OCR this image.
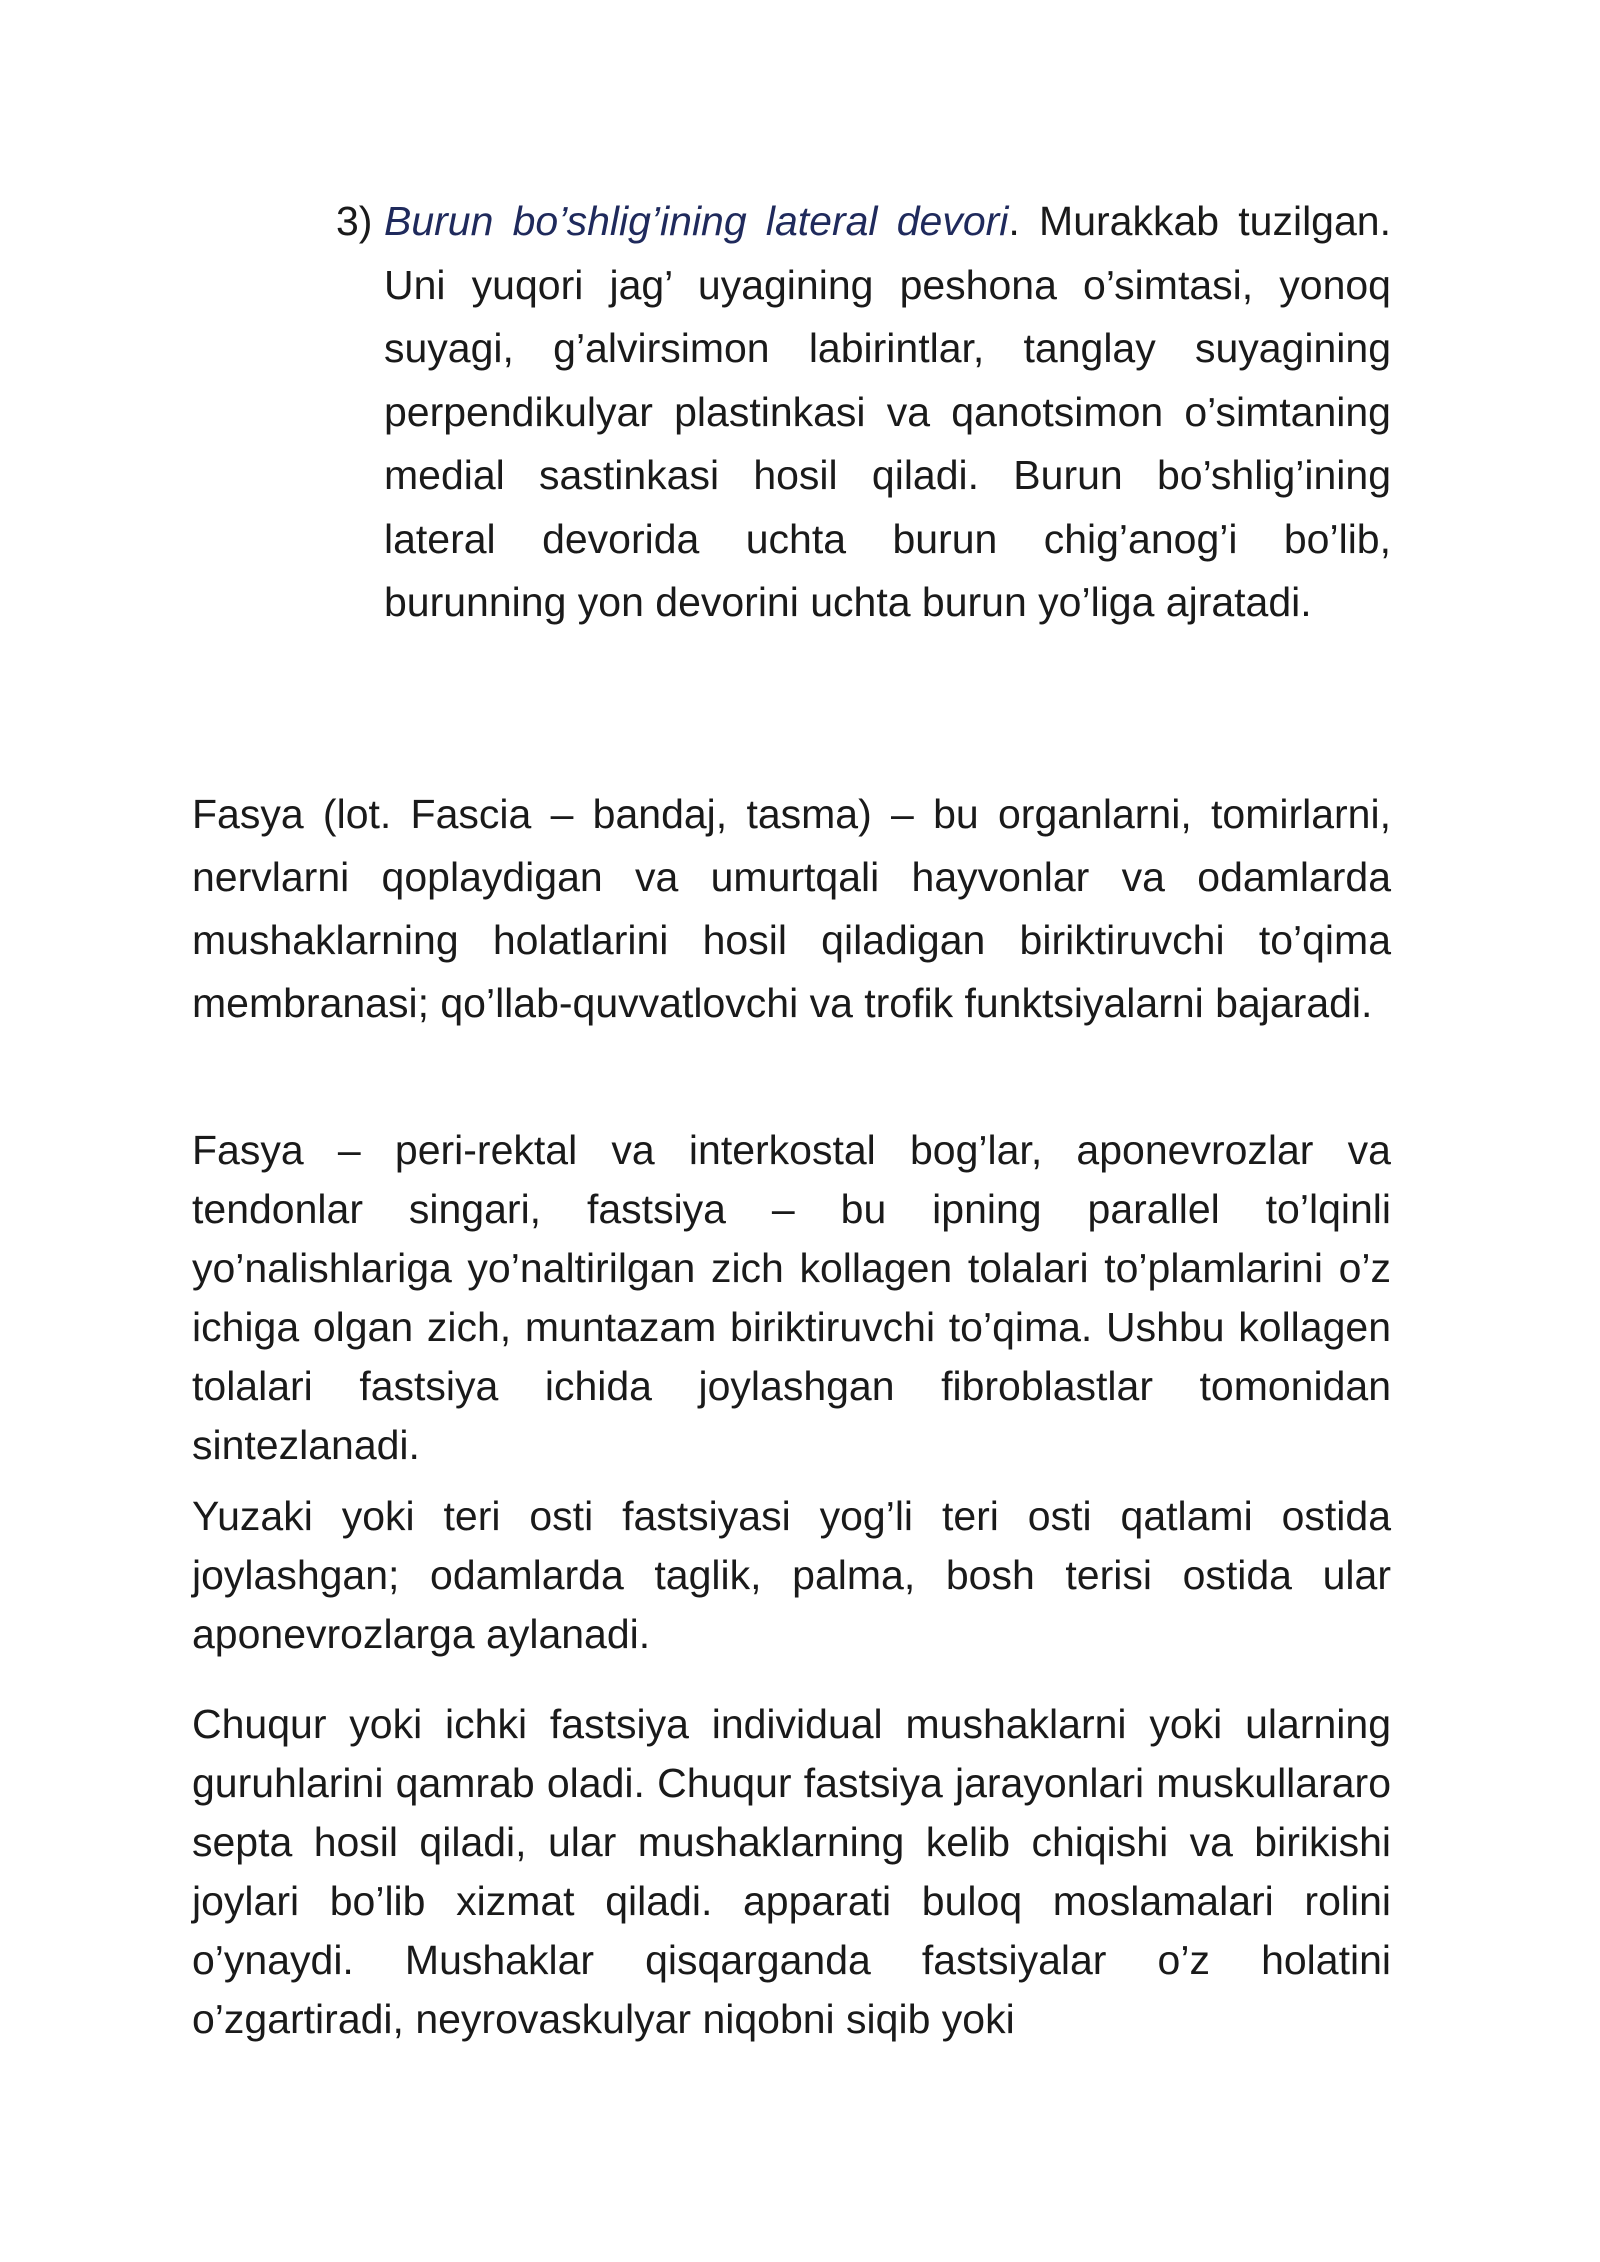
3) Burun bo’shlig’ining lateral devori. Murakkab tuzilgan. Uni yuqori jag’ uyagining peshona o’simtasi, yonoq suyagi, g’alvirsimon labirintlar, tanglay suyagining perpendikulyar plastinkasi va qanotsimon o’simtaning medial sastinkasi hosil qiladi. Burun bo’shlig’ining lateral devorida uchta burun chig’anog’i bo’lib, burunning yon devorini uchta burun yo’liga ajratadi.

Fasya (lot. Fascia – bandaj, tasma) – bu organlarni, tomirlarni, nervlarni qoplaydigan va umurtqali hayvonlar va odamlarda mushaklarning holatlarini hosil qiladigan biriktiruvchi to’qima membranasi; qo’llab-quvvatlovchi va trofik funktsiyalarni bajaradi.

Fasya – peri-rektal va interkostal bog’lar, aponevrozlar va tendonlar singari, fastsiya – bu ipning parallel to’lqinli yo’nalishlariga yo’naltirilgan zich kollagen tolalari to’plamlarini o’z ichiga olgan zich, muntazam biriktiruvchi to’qima. Ushbu kollagen tolalari fastsiya ichida joylashgan fibroblastlar tomonidan sintezlanadi.

Yuzaki yoki teri osti fastsiyasi yog’li teri osti qatlami ostida joylashgan; odamlarda taglik, palma, bosh terisi ostida ular aponevrozlarga aylanadi.

Chuqur yoki ichki fastsiya individual mushaklarni yoki ularning guruhlarini qamrab oladi. Chuqur fastsiya jarayonlari muskullararo septa hosil qiladi, ular mushaklarning kelib chiqishi va birikishi joylari bo’lib xizmat qiladi. apparati buloq moslamalari rolini o’ynaydi. Mushaklar qisqarganda fastsiyalar o’z holatini o’zgartiradi, neyrovaskulyar niqobni siqib yoki
